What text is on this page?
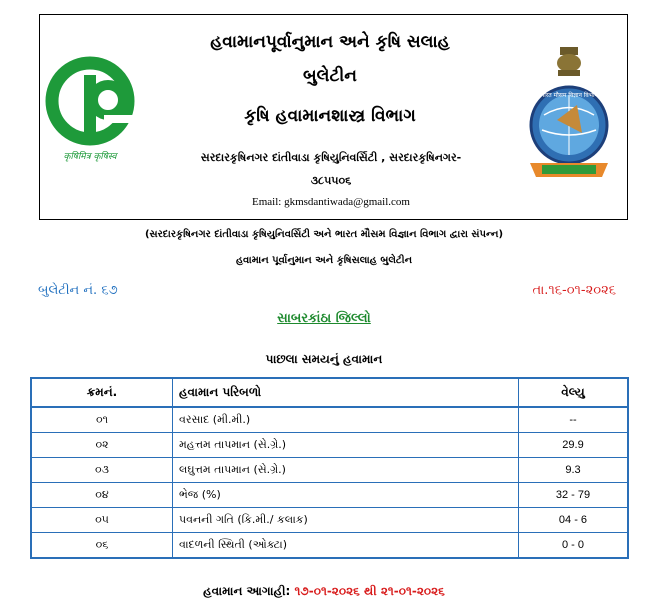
कृषिमित्र कृषिस्व
भारत मौसम विज्ञान विभाग
હવામાનપૂર્વાનુમાન અને કૃષિ સલાહ
બુલેટીન
કૃષિ હવામાનશાસ્ત્ર વિભાગ
સરદારકૃષિનગર દાંતીવાડા કૃષિયુનિવર્સિટી , સરદારકૃષિનગર-
૩૮૫૫૦૬
Email: gkmsdantiwada@gmail.com
(સરદારકૃષિનગર દાંતીવાડા કૃષિયુનિવર્સિટી અને ભારત મૌસમ વિજ્ઞાન વિભાગ દ્વારા સંપન્ન)
હવામાન પૂર્વાનુમાન અને કૃષિસલાહ બુલેટીન
બુલેટીન નં. ૬૭	તા.૧૬-૦૧-૨૦૨૬
સાબરકાંઠા જિલ્લો
પાછલા સમયનું હવામાન
ક્રમનં.	હવામાન પરિબળો	વેલ્યુ
૦૧	વરસાદ (મી.મી.)	--
૦૨	મહત્તમ તાપમાન (સે.ગ્રે.)	29.9
૦૩	લઘુત્તમ તાપમાન (સે.ગ્રે.)	9.3
૦૪	ભેજ (%)	32 - 79
૦૫	પવનની ગતિ (કિ.મી./ કલાક)	04 - 6
૦૬	વાદળની સ્થિતી (ઓક્ટા)	0 - 0
હવામાન આગાહી: ૧૭-૦૧-૨૦૨૬ થી ૨૧-૦૧-૨૦૨૬
